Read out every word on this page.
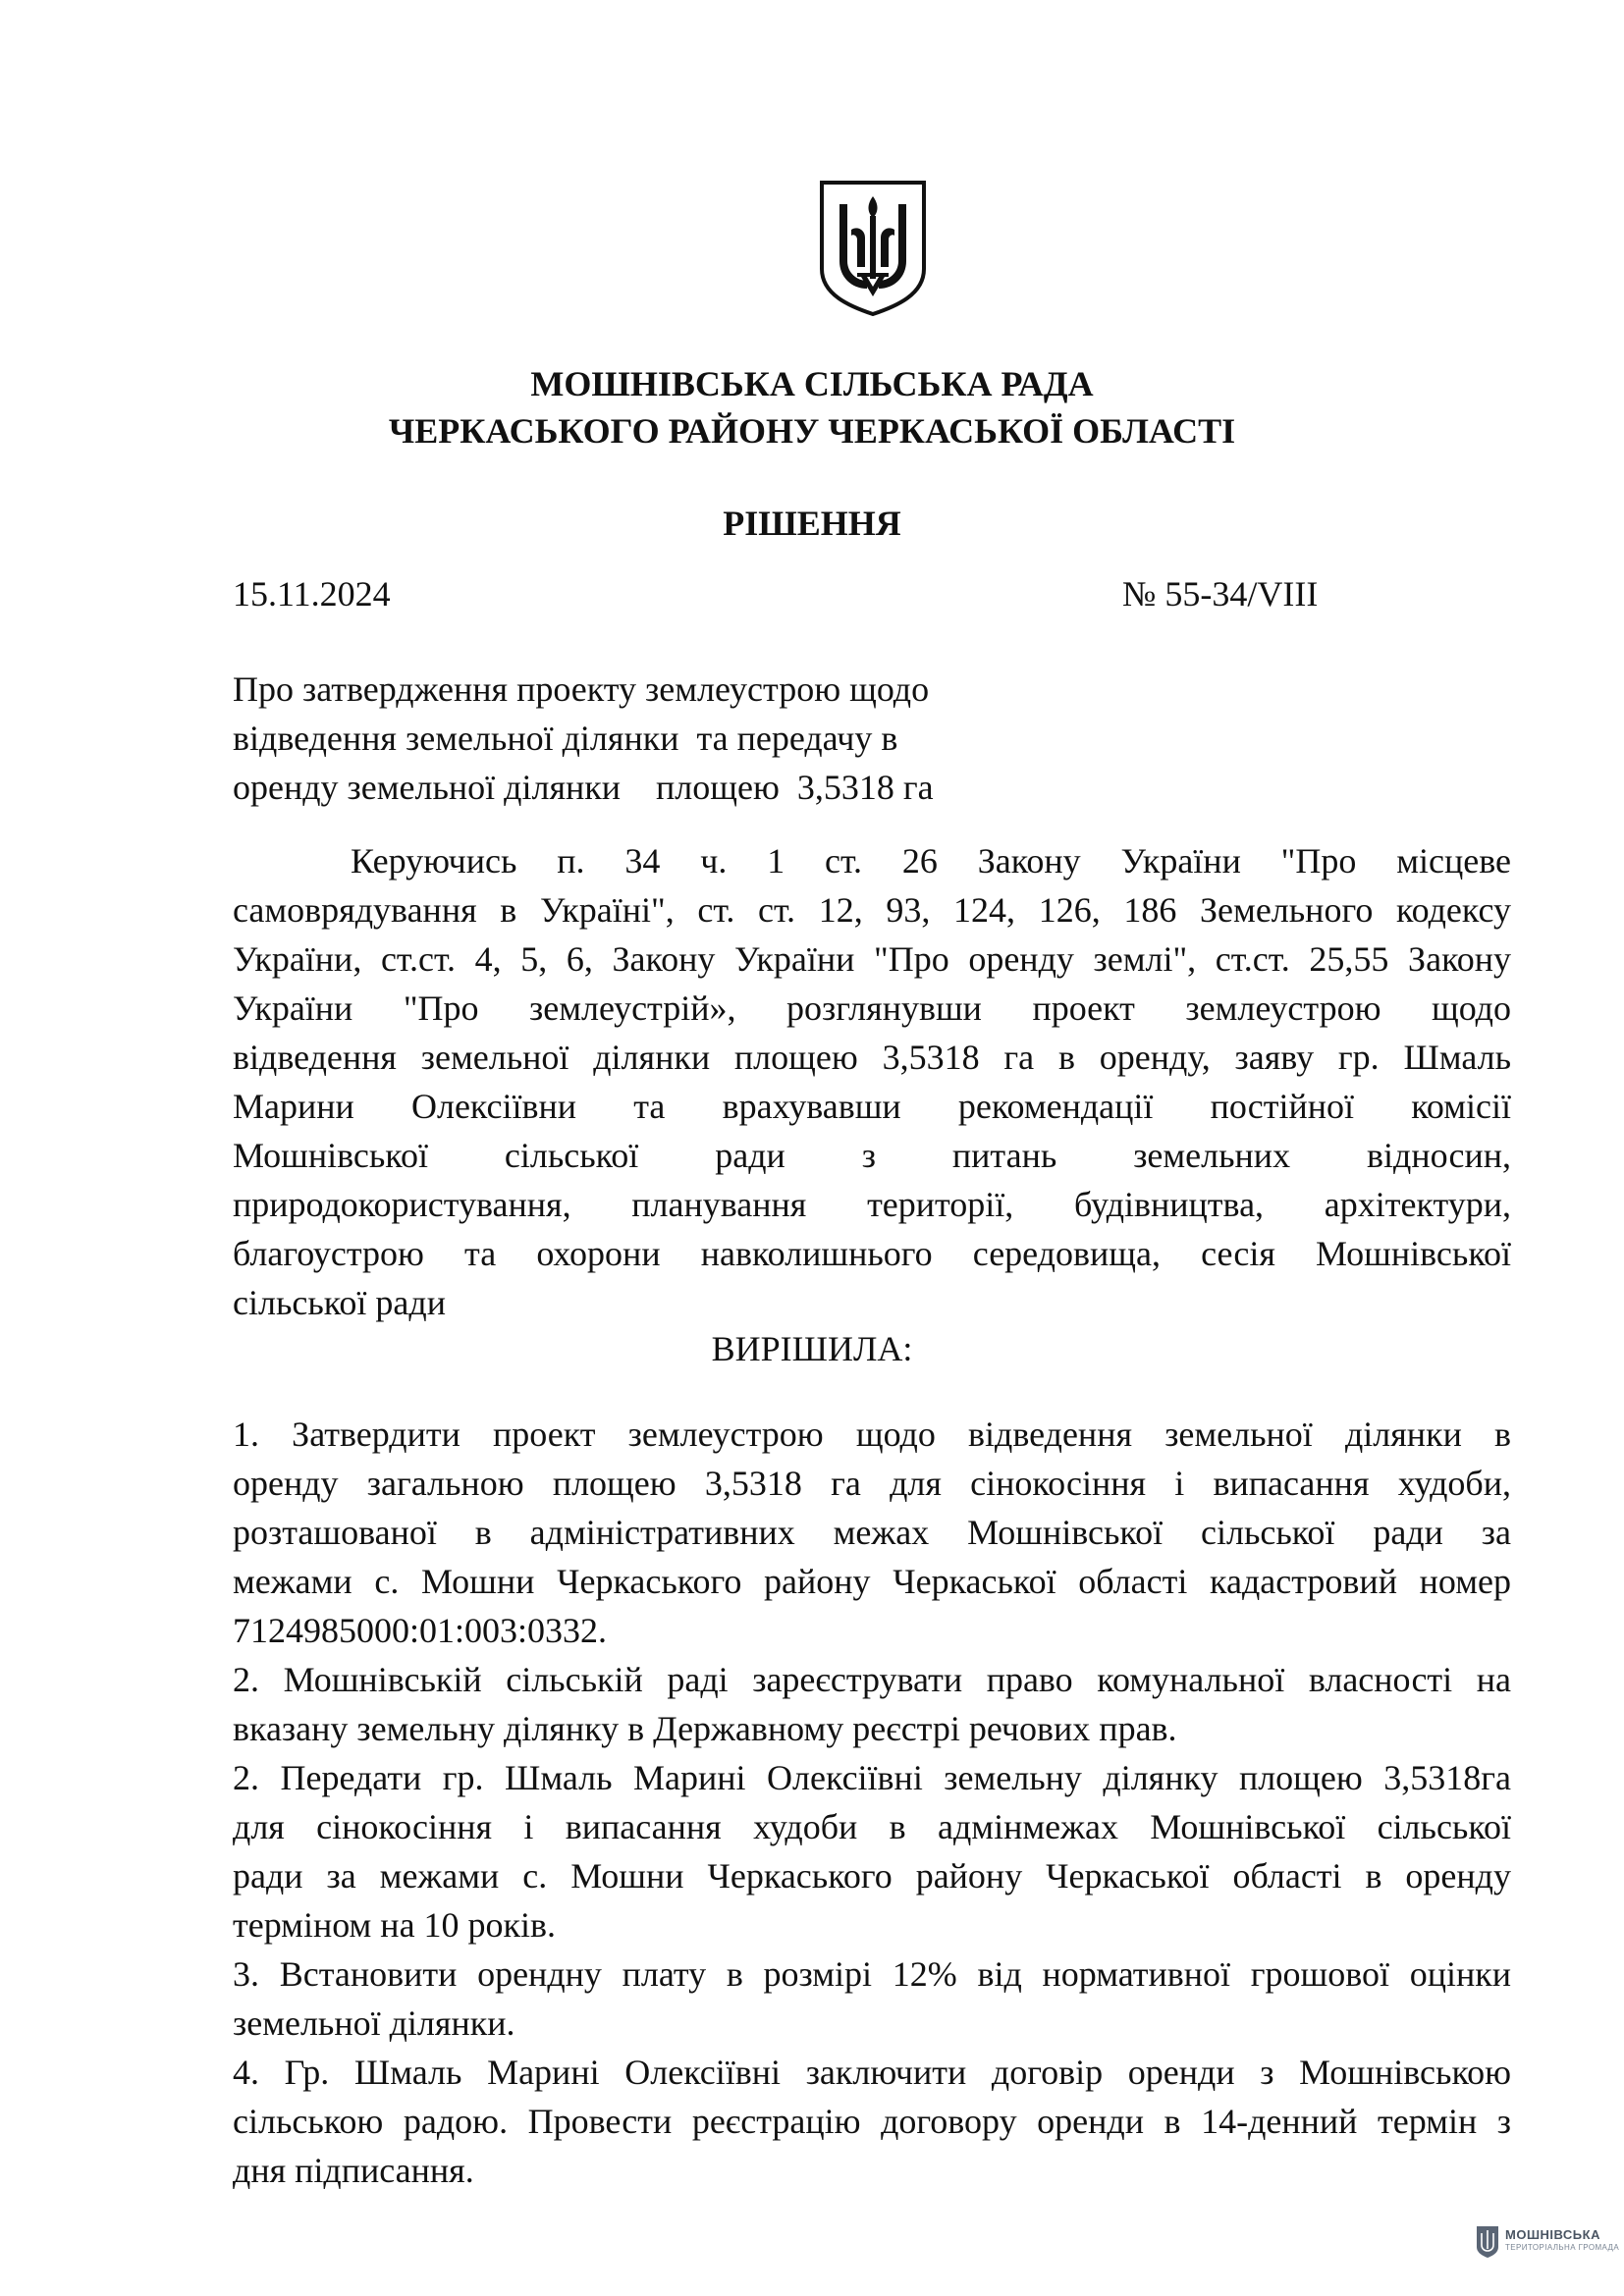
МОШНІВСЬКА СІЛЬСЬКА РАДА
ЧЕРКАСЬКОГО РАЙОНУ ЧЕРКАСЬКОЇ ОБЛАСТІ
РІШЕННЯ
15.11.2024	№ 55-34/VIII
Про затвердження проекту землеустрою щодо
відведення земельної ділянки  та передачу в
оренду земельної ділянки    площею  3,5318 га
Керуючись п. 34 ч. 1 ст. 26 Закону України "Про місцеве
самоврядування в Україні", ст. ст. 12, 93, 124, 126, 186 Земельного кодексу
України, ст.ст. 4, 5, 6, Закону України "Про оренду землі", ст.ст. 25,55 Закону
України "Про землеустрій», розглянувши проект землеустрою щодо
відведення земельної ділянки площею 3,5318 га в оренду, заяву гр. Шмаль
Марини Олексіївни та врахувавши рекомендації постійної комісії
Мошнівської сільської ради з питань земельних відносин,
природокористування, планування території, будівництва, архітектури,
благоустрою та охорони навколишнього середовища, сесія Мошнівської
сільської ради
ВИРІШИЛА:
1. Затвердити проект землеустрою щодо відведення земельної ділянки в
оренду загальною площею 3,5318 га для сінокосіння і випасання худоби,
розташованої в адміністративних межах Мошнівської сільської ради за
межами с. Мошни Черкаського району Черкаської області кадастровий номер
7124985000:01:003:0332.
2. Мошнівській сільській раді зареєструвати право комунальної власності на
вказану земельну ділянку в Державному реєстрі речових прав.
2. Передати гр. Шмаль Марині Олексіївні земельну ділянку площею 3,5318га
для сінокосіння і випасання худоби в адмінмежах Мошнівської сільської
ради за межами с. Мошни Черкаського району Черкаської області в оренду
терміном на 10 років.
3. Встановити орендну плату в розмірі 12% від нормативної грошової оцінки
земельної ділянки.
4. Гр. Шмаль Марині Олексіївні заключити договір оренди з Мошнівською
сільською радою. Провести реєстрацію договору оренди в 14-денний термін з
дня підписання.
МОШНІВСЬКА
ТЕРИТОРІАЛЬНА ГРОМАДА
